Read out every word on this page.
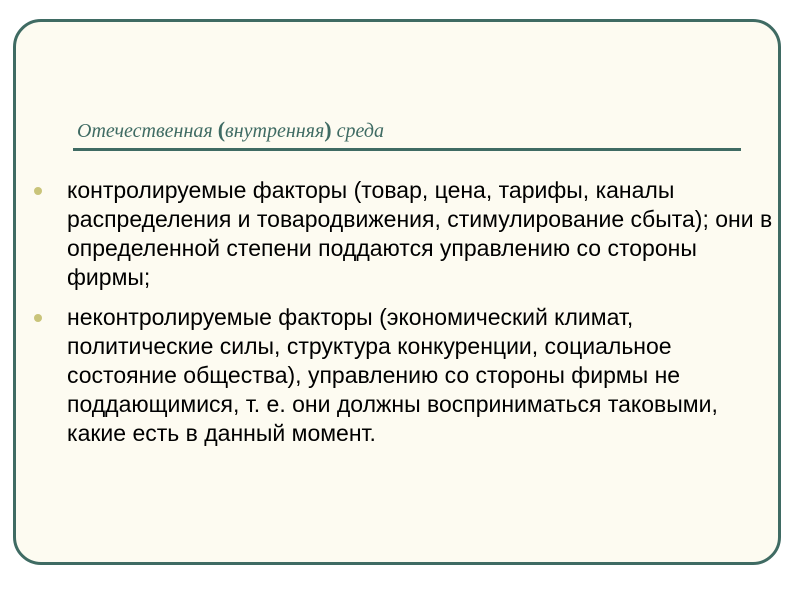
Отечественная (внутренняя) среда
контролируемые факторы (товар, цена, тарифы, каналы распределения и товародвижения, стимулирование сбыта); они в определенной степени поддаются управлению со стороны фирмы;
неконтролируемые факторы (экономический климат, политические силы, структура конкуренции, социальное состояние общества), управлению со стороны фирмы не поддающимися, т. е. они должны восприниматься таковыми, какие есть в данный момент.
